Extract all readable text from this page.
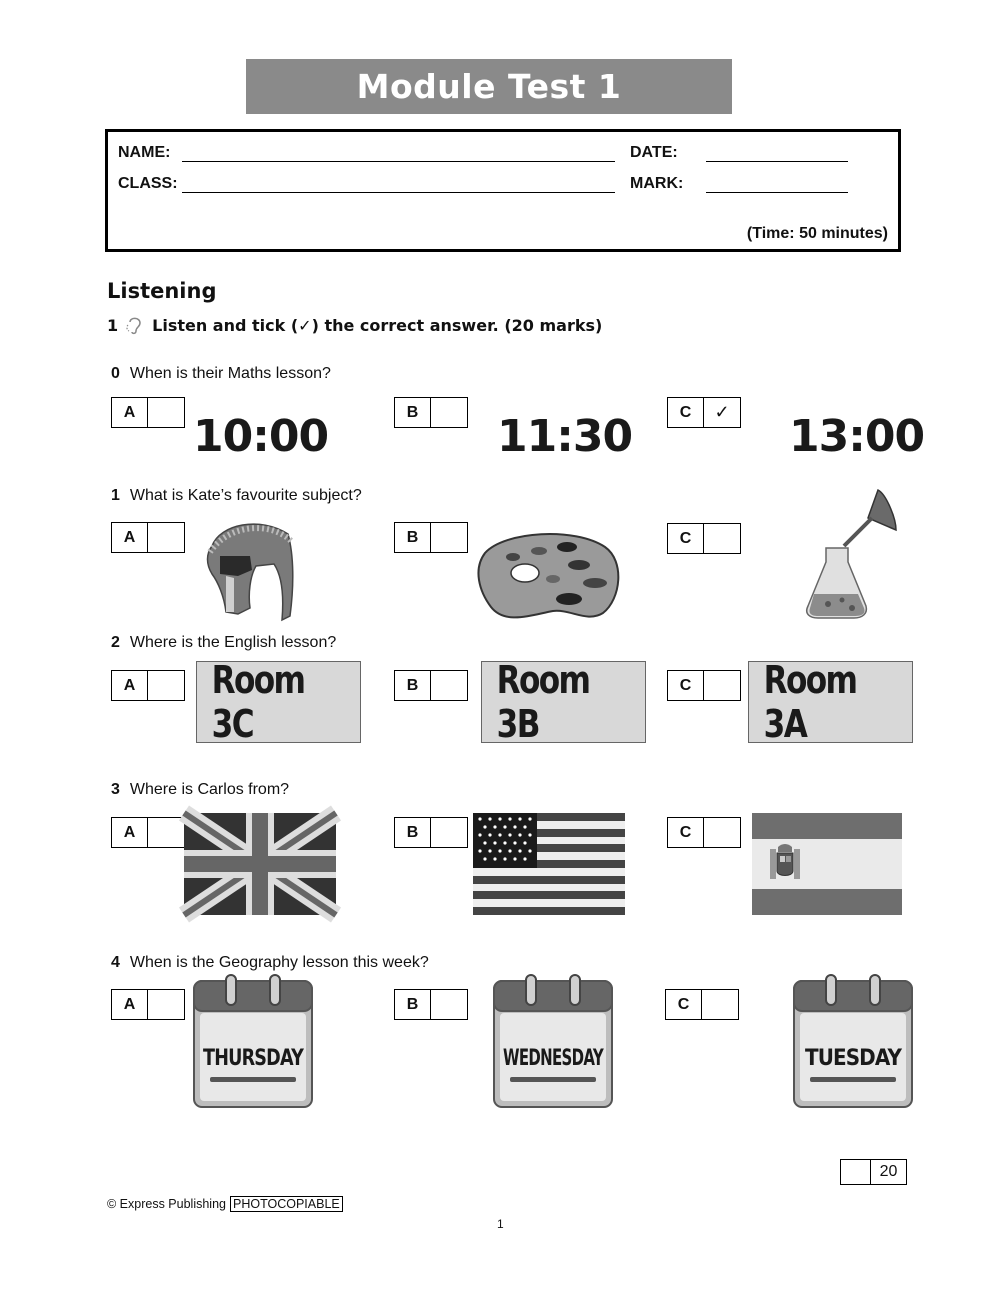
Module Test 1
NAME:
CLASS:
DATE:
MARK:
(Time: 50 minutes)
Listening
1 Listen and tick (✓) the correct answer. (20 marks)
0 When is their Maths lesson?
A	B	C	✓
10:00	11:30	13:00
1 What is Kate’s favourite subject?
A	B	C
2 Where is the English lesson?
A	B	C
Room 3C
Room 3B
Room 3A
3 Where is Carlos from?
A	B	C
4 When is the Geography lesson this week?
A	B	C
THURSDAY	WEDNESDAY	TUESDAY
20
© Express Publishing PHOTOCOPIABLE
1
